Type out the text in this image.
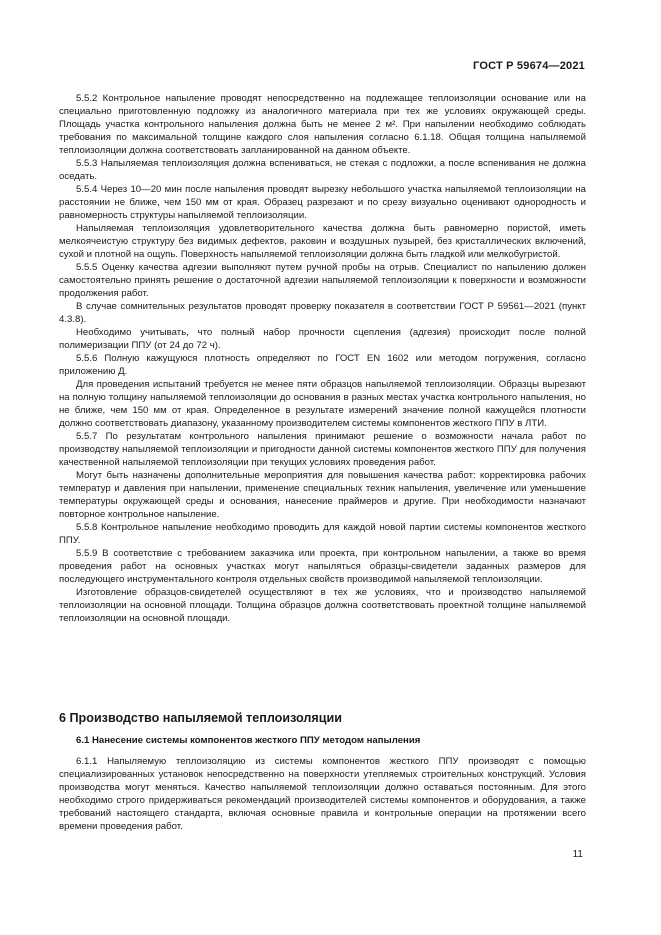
ГОСТ Р 59674—2021

5.5.2 Контрольное напыление проводят непосредственно на подлежащее теплоизоляции основание или на специально приготовленную подложку из аналогичного материала при тех же условиях окружающей среды. Площадь участка контрольного напыления должна быть не менее 2 м². При напылении необходимо соблюдать требования по максимальной толщине каждого слоя напыления согласно 6.1.18. Общая толщина напыляемой теплоизоляции должна соответствовать запланированной на данном объекте.

5.5.3 Напыляемая теплоизоляция должна вспениваться, не стекая с подложки, а после вспенивания не должна оседать.

5.5.4 Через 10—20 мин после напыления проводят вырезку небольшого участка напыляемой теплоизоляции на расстоянии не ближе, чем 150 мм от края. Образец разрезают и по срезу визуально оценивают однородность и равномерность структуры напыляемой теплоизоляции.

Напыляемая теплоизоляция удовлетворительного качества должна быть равномерно пористой, иметь мелкоячеистую структуру без видимых дефектов, раковин и воздушных пузырей, без кристаллических включений, сухой и плотной на ощупь. Поверхность напыляемой теплоизоляции должна быть гладкой или мелкобугристой.

5.5.5 Оценку качества адгезии выполняют путем ручной пробы на отрыв. Специалист по напылению должен самостоятельно принять решение о достаточной адгезии напыляемой теплоизоляции к поверхности и возможности продолжения работ.

В случае сомнительных результатов проводят проверку показателя в соответствии ГОСТ Р 59561—2021 (пункт 4.3.8).

Необходимо учитывать, что полный набор прочности сцепления (адгезия) происходит после полной полимеризации ППУ (от 24 до 72 ч).

5.5.6 Полную кажущуюся плотность определяют по ГОСТ EN 1602 или методом погружения, согласно приложению Д.

Для проведения испытаний требуется не менее пяти образцов напыляемой теплоизоляции. Образцы вырезают на полную толщину напыляемой теплоизоляции до основания в разных местах участка контрольного напыления, но не ближе, чем 150 мм от края. Определенное в результате измерений значение полной кажущейся плотности должно соответствовать диапазону, указанному производителем системы компонентов жесткого ППУ в ЛТИ.

5.5.7 По результатам контрольного напыления принимают решение о возможности начала работ по производству напыляемой теплоизоляции и пригодности данной системы компонентов жесткого ППУ для получения качественной напыляемой теплоизоляции при текущих условиях проведения работ.

Могут быть назначены дополнительные мероприятия для повышения качества работ: корректировка рабочих температур и давления при напылении, применение специальных техник напыления, увеличение или уменьшение температуры окружающей среды и основания, нанесение праймеров и другие. При необходимости назначают повторное контрольное напыление.

5.5.8 Контрольное напыление необходимо проводить для каждой новой партии системы компонентов жесткого ППУ.

5.5.9 В соответствие с требованием заказчика или проекта, при контрольном напылении, а также во время проведения работ на основных участках могут напыляться образцы-свидетели заданных размеров для последующего инструментального контроля отдельных свойств производимой напыляемой теплоизоляции.

Изготовление образцов-свидетелей осуществляют в тех же условиях, что и производство напыляемой теплоизоляции на основной площади. Толщина образцов должна соответствовать проектной толщине напыляемой теплоизоляции на основной площади.

6 Производство напыляемой теплоизоляции
6.1 Нанесение системы компонентов жесткого ППУ методом напыления

6.1.1 Напыляемую теплоизоляцию из системы компонентов жесткого ППУ производят с помощью специализированных установок непосредственно на поверхности утепляемых строительных конструкций. Условия производства могут меняться. Качество напыляемой теплоизоляции должно оставаться постоянным. Для этого необходимо строго придерживаться рекомендаций производителей системы компонентов и оборудования, а также требований настоящего стандарта, включая основные правила и контрольные операции на протяжении всего времени проведения работ.

11
